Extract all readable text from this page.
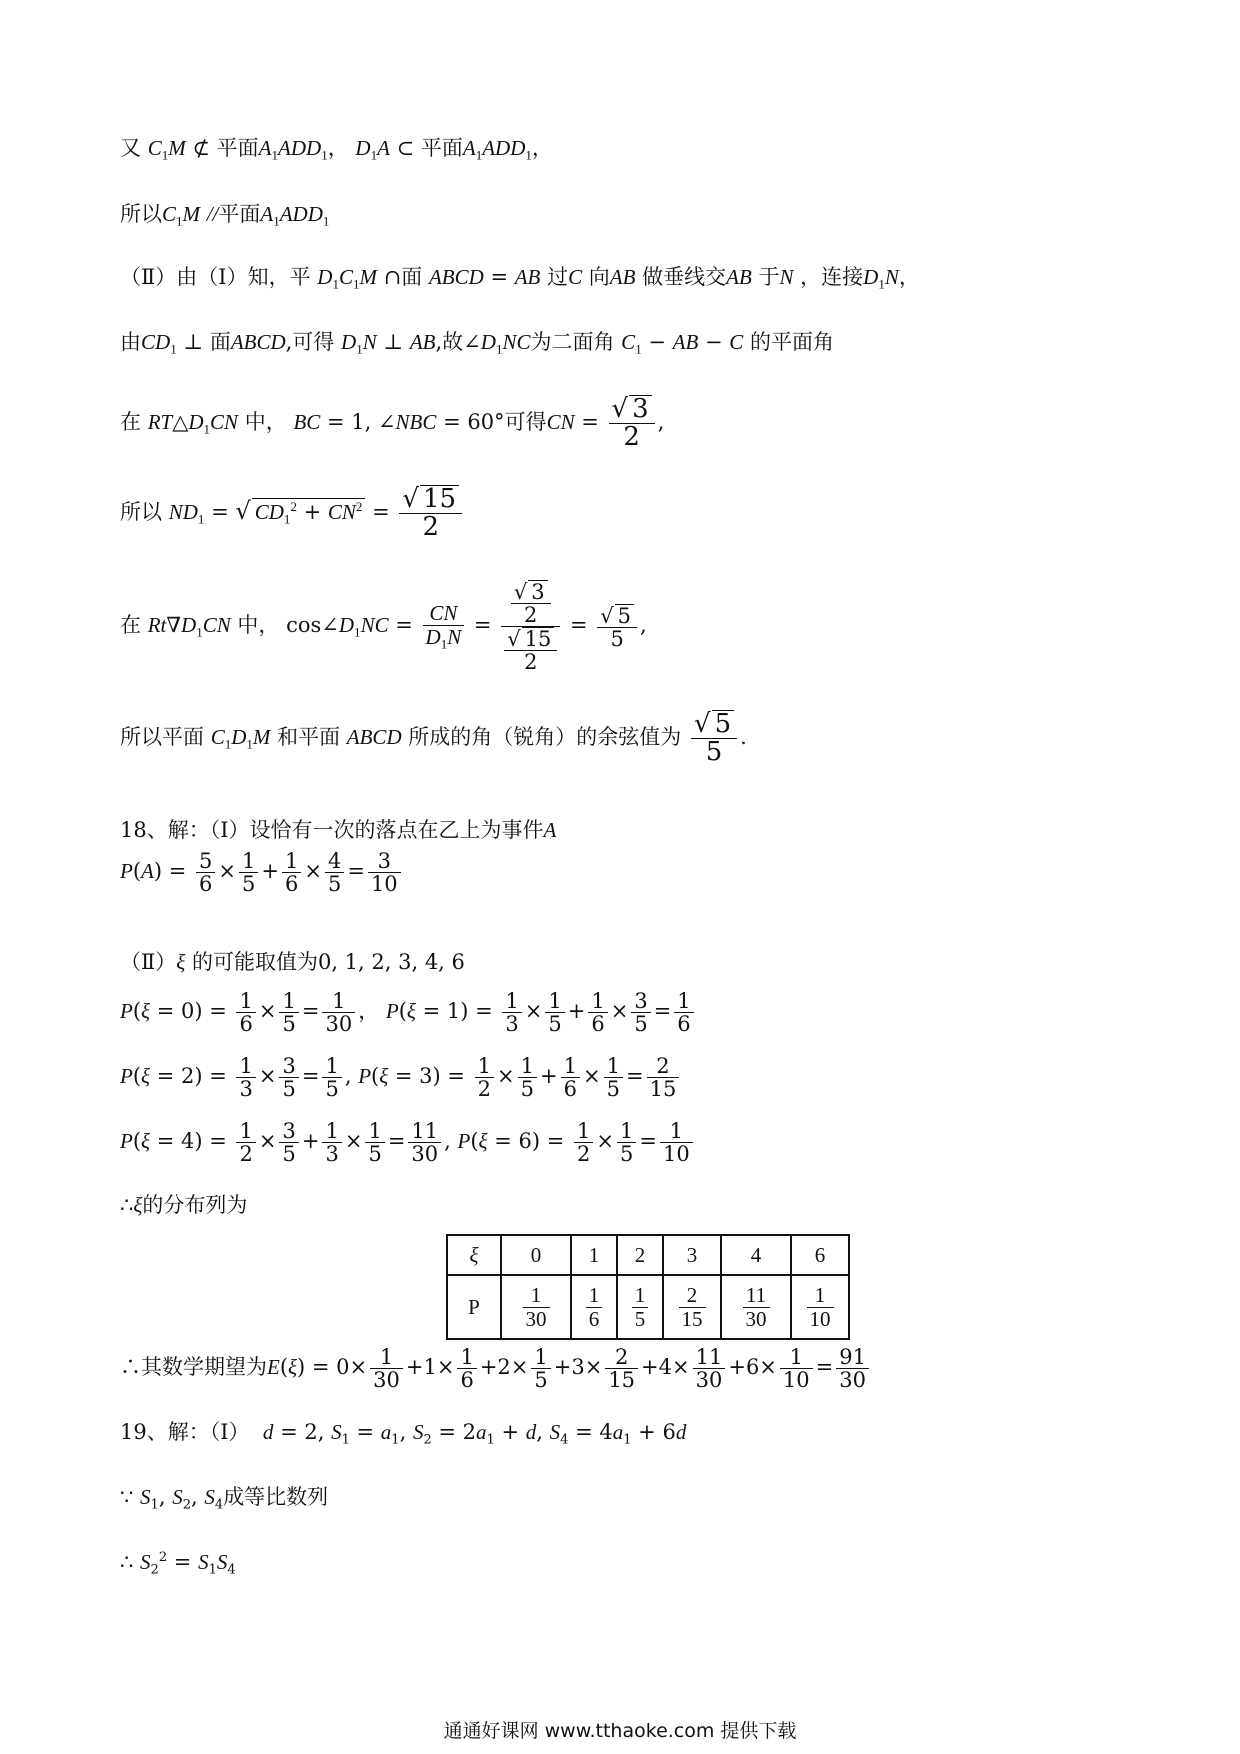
又 $C_1M$ ⊄ 平面$A_1ADD_1$， $D_1A$ ⊂ 平面$A_1ADD_1$，
所以$C_1M$ //平面$A_1ADD_1$
（Ⅱ）由（Ⅰ）知，平 $D_1C_1M$ ∩面 ABCD = AB 过C 向AB 做垂线交AB 于N ，连接$D_1N$，
由$CD_1$ ⊥ 面ABCD,可得 $D_1N$ ⊥ AB,故$\angle D_1NC$为二面角 $C_1$ − AB − C 的平面角
在 $RT\triangle D_1CN$ 中， BC = 1, ∠NBC = 60°可得CN = $\frac{√ 3}{2}$ ,
所以 $ND_1$ = √ $CD_1^2 + CN^2 = \frac{√ 15}{2}$
在 $Rt\nabla D_1CN$ 中， $\cos\angle D_1NC = \frac{CN}{D_1N} = \frac{\frac{√ 3}{2}}{\frac{√ 15}{2}} = \frac{√ 5}{5}$ ,
所以平面 $C_1D_1M$ 和平面 ABCD 所成的角（锐角）的余弦值为 $\frac{√ 5}{5}$ .
18、解：（Ⅰ）设恰有一次的落点在乙上为事件A
$P(A) = \frac{5}{6} \times \frac{1}{5} + \frac{1}{6} \times \frac{4}{5} = \frac{3}{10}$
（Ⅱ）ξ 的可能取值为0, 1, 2, 3, 4, 6
$P(\xi = 0) = \frac{1}{6} \times \frac{1}{5} = \frac{1}{30}$ ， $P(\xi = 1) = \frac{1}{3} \times \frac{1}{5} + \frac{1}{6} \times \frac{3}{5} = \frac{1}{6}$
$P(\xi = 2) = \frac{1}{3} \times \frac{3}{5} = \frac{1}{5}$ , $P(\xi = 3) = \frac{1}{2} \times \frac{1}{5} + \frac{1}{6} \times \frac{1}{5} = \frac{2}{15}$
$P(\xi = 4) = \frac{1}{2} \times \frac{3}{5} + \frac{1}{3} \times \frac{1}{5} = \frac{11}{30}$ , $P(\xi = 6) = \frac{1}{2} \times \frac{1}{5} = \frac{1}{10}$
∴ξ的分布列为
ξ	0	1	2	3	4	6
P	$\frac{1}{30}$	$\frac{1}{6}$	$\frac{1}{5}$	$\frac{2}{15}$	$\frac{11}{30}$	$\frac{1}{10}$
∴其数学期望为$E(\xi) = 0\times \frac{1}{30} +1\times \frac{1}{6} +2\times \frac{1}{5} +3\times \frac{2}{15} +4\times \frac{11}{30} +6\times \frac{1}{10} = \frac{91}{30}$
19、解：（Ⅰ） d = 2, $S_1 = a_1$, $S_2 = 2a_1 + d$, $S_4 = 4a_1 + 6d$
∵ $S_1$, $S_2$, $S_4$成等比数列
∴ $S_2^2 = S_1S_4$
通通好课网 www.tthaoke.com 提供下载
